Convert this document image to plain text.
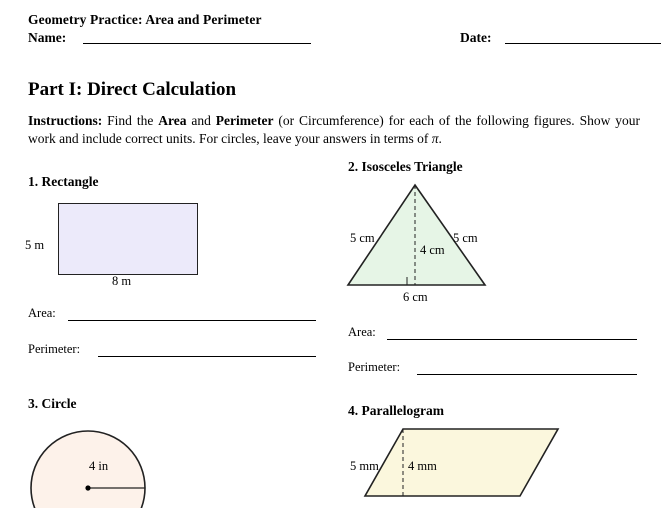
Geometry Practice: Area and Perimeter
Name:	Date:
Part I: Direct Calculation
Instructions: Find the Area and Perimeter (or Circumference) for each of the following figures. Show your work and include correct units. For circles, leave your answers in terms of π.
1. Rectangle
5 m
8 m
Area:
Perimeter:
2. Isosceles Triangle
5 cm
4 cm
5 cm
6 cm
Area:
Perimeter:
3. Circle
4 in
4. Parallelogram
5 mm 4 mm
